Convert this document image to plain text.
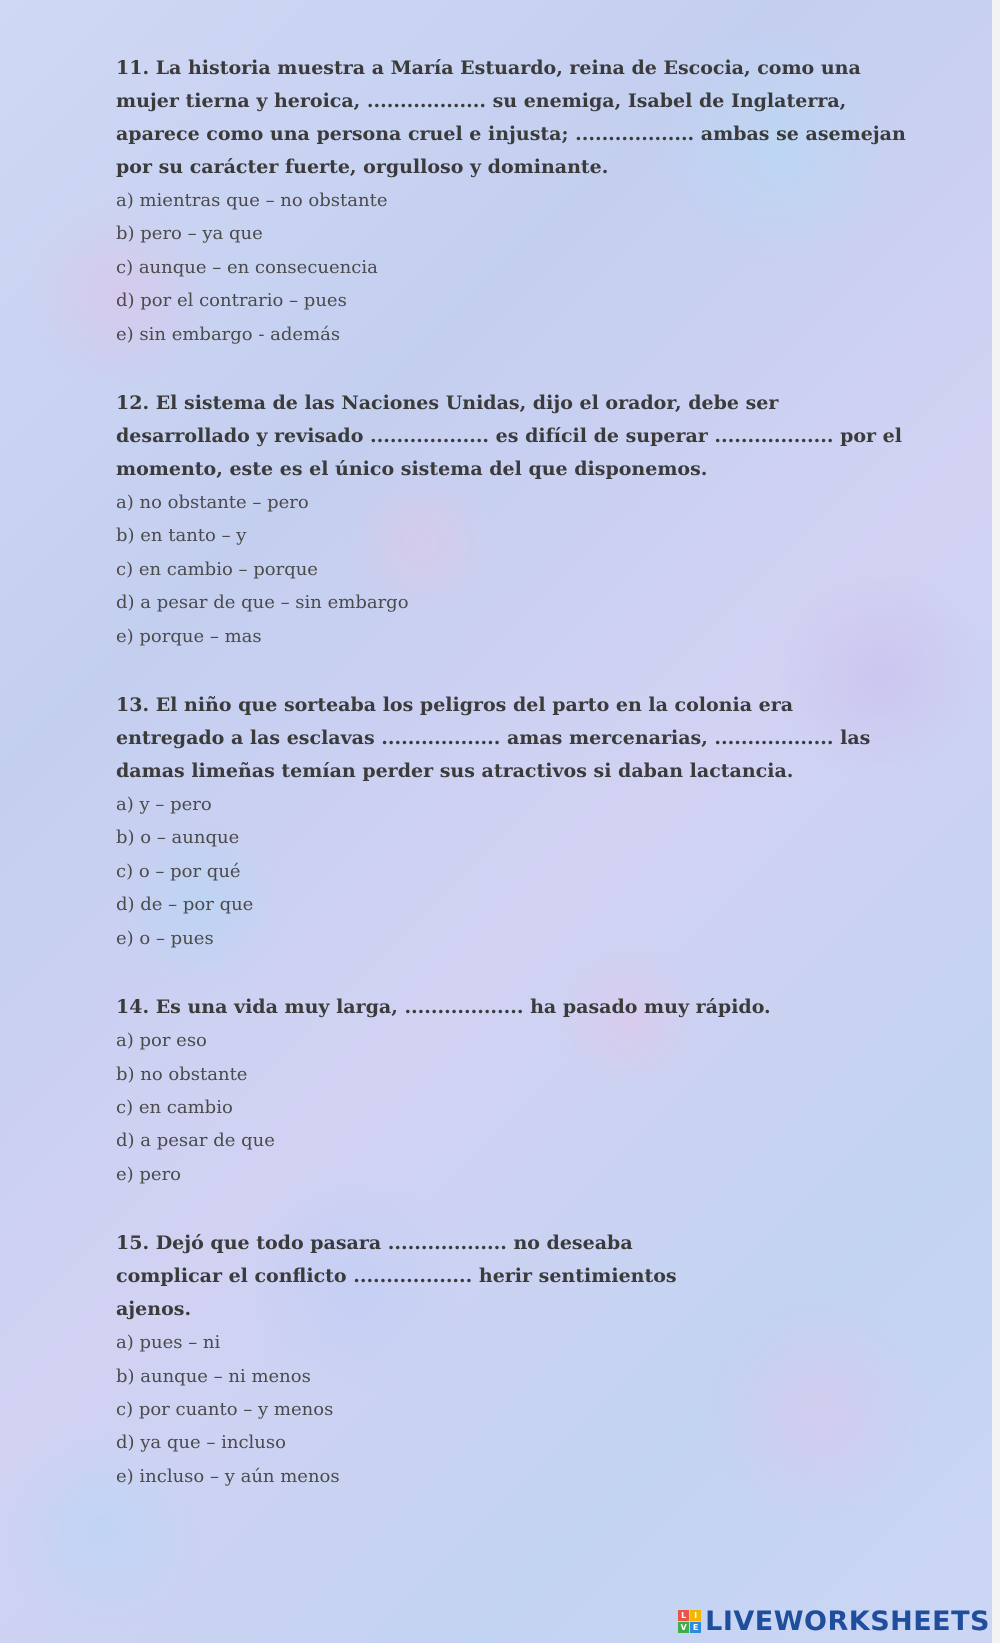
11. La historia muestra a María Estuardo, reina de Escocia, como una mujer tierna y heroica, .................. su enemiga, Isabel de Inglaterra, aparece como una persona cruel e injusta; .................. ambas se asemejan por su carácter fuerte, orgulloso y dominante.

a) mientras que – no obstante
b) pero – ya que
c) aunque – en consecuencia
d) por el contrario – pues
e) sin embargo - además

12. El sistema de las Naciones Unidas, dijo el orador, debe ser desarrollado y revisado .................. es difícil de superar .................. por el momento, este es el único sistema del que disponemos.

a) no obstante – pero
b) en tanto – y
c) en cambio – porque
d) a pesar de que – sin embargo
e) porque – mas

13. El niño que sorteaba los peligros del parto en la colonia era entregado a las esclavas .................. amas mercenarias, .................. las damas limeñas temían perder sus atractivos si daban lactancia.

a) y – pero
b) o – aunque
c) o – por qué
d) de – por que
e) o – pues

14. Es una vida muy larga, .................. ha pasado muy rápido.

a) por eso
b) no obstante
c) en cambio
d) a pesar de que
e) pero

15. Dejó que todo pasara .................. no deseaba complicar el conflicto .................. herir sentimientos ajenos.

a) pues – ni
b) aunque – ni menos
c) por cuanto – y menos
d) ya que – incluso
e) incluso – y aún menos
L I
V E LIVEWORKSHEETS
